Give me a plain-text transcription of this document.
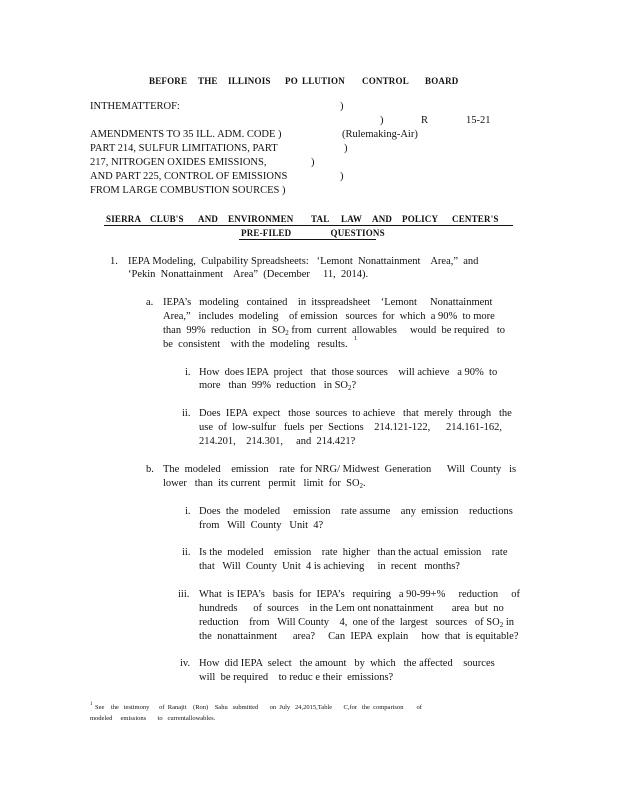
BEFORE THE ILLINOIS PO LLUTION CONTROL BOARD
INTHEMATTEROF:	)
)	R	15-21
AMENDMENTS TO 35 ILL. ADM. CODE )	(Rulemaking-Air)
PART 214, SULFUR LIMITATIONS, PART	)
217, NITROGEN OXIDES EMISSIONS,	)
AND PART 225, CONTROL OF EMISSIONS	)
FROM LARGE COMBUSTION SOURCES )
SIERRA CLUB'S AND ENVIRONMEN TAL LAW AND POLICY CENTER'S
PRE-FILED                QUESTIONS
1. IEPA Modeling,  Culpability Spreadsheets:   ‘Lemont  Nonattainment    Area,”  and
‘Pekin  Nonattainment    Area”  (December     11,  2014).
a. IEPA’s   modeling   contained    in  itsspreadsheet    ‘Lemont     Nonattainment
Area,”   includes  modeling    of emission   sources  for  which  a 90%  to more
than  99%  reduction   in  $SO_2$ from  current  allowables     would  be required   to
be  consistent    with the  modeling   results.
1
i. How  does IEPA  project   that  those sources    will achieve   a 90%  to
more   than  99%  reduction   in $SO_2$?
ii. Does  IEPA  expect   those  sources  to achieve   that  merely  through   the
use  of  low-sulfur   fuels  per  Sections    214.121-122,      214.161-162,
214.201,    214.301,     and  214.421?
b. The  modeled    emission    rate  for NRG/ Midwest  Generation      Will  County   is
lower   than  its current   permit   limit  for  $SO_2$.
i. Does  the  modeled     emission    rate assume    any  emission    reductions
from   Will  County   Unit  4?
ii. Is the  modeled    emission    rate  higher   than the actual  emission    rate
that   Will  County  Unit  4 is achieving     in  recent   months?
iii. What  is IEPA’s   basis  for  IEPA’s   requiring   a 90-99+%     reduction     of
hundreds      of  sources    in the Lem ont nonattainment       area  but  no
reduction    from   Will County    4,  one of the  largest   sources   of $SO_2$ in
the  nonattainment      area?     Can  IEPA  explain     how  that  is equitable?
iv. How  did IEPA  select   the amount   by  which   the affected    sources
will  be required    to reduc e their  emissions?
1 See    the   testimony      of  Ranajit    (Ron)    Sahu   submitted       on  July   24,2015,Table       C,for   the  comparison        of
modeled     emissions       to   currentallowables.
